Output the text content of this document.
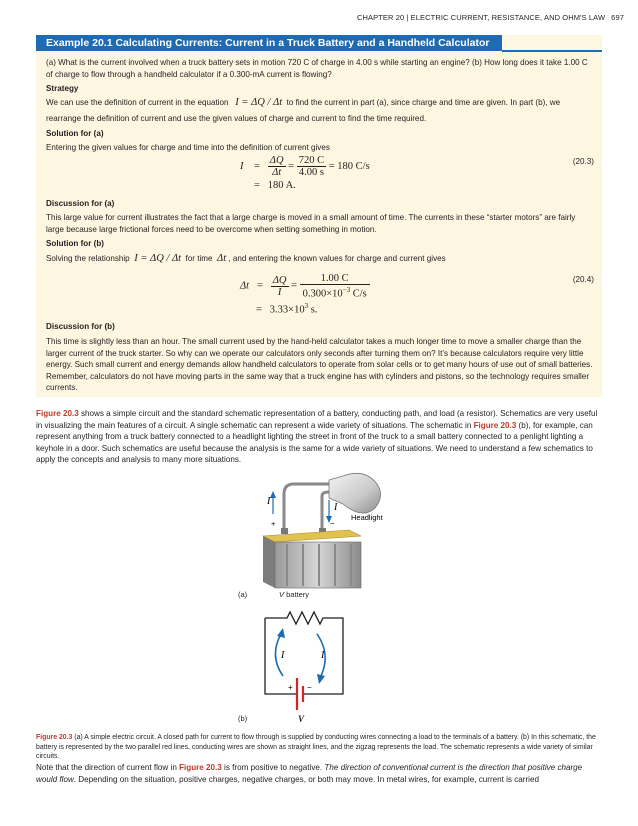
CHAPTER 20 | ELECTRIC CURRENT, RESISTANCE, AND OHM'S LAW 697
Example 20.1 Calculating Currents: Current in a Truck Battery and a Handheld Calculator
(a) What is the current involved when a truck battery sets in motion 720 C of charge in 4.00 s while starting an engine? (b) How long does it take 1.00 C of charge to flow through a handheld calculator if a 0.300-mA current is flowing?
Strategy
We can use the definition of current in the equation I = ΔQ / Δt to find the current in part (a), since charge and time are given. In part (b), we
rearrange the definition of current and use the given values of charge and current to find the time required.
Solution for (a)
Entering the given values for charge and time into the definition of current gives
$I = \frac{\Delta Q}{\Delta t} = \frac{720 C}{4.00 s} = 180$ C/s
= 180 A.
(20.3)
Discussion for (a)
This large value for current illustrates the fact that a large charge is moved in a small amount of time. The currents in these “starter motors” are fairly large because large frictional forces need to be overcome when setting something in motion.
Solution for (b)
Solving the relationship I = ΔQ / Δt for time Δt , and entering the known values for charge and current gives
$\Delta t = \frac{\Delta Q}{I} = \frac{1.00 C}{0.300\times 10^{-3} C/s}$
= $3.33\times 10^3$ s.
(20.4)
Discussion for (b)
This time is slightly less than an hour. The small current used by the hand-held calculator takes a much longer time to move a smaller charge than the larger current of the truck starter. So why can we operate our calculators only seconds after turning them on? It’s because calculators require very little energy. Such small current and energy demands allow handheld calculators to operate from solar cells or to get many hours of use out of small batteries. Remember, calculators do not have moving parts in the same way that a truck engine has with cylinders and pistons, so the technology requires smaller currents.
Figure 20.3 shows a simple circuit and the standard schematic representation of a battery, conducting path, and load (a resistor). Schematics are very useful in visualizing the main features of a circuit. A single schematic can represent a wide variety of situations. The schematic in Figure 20.3 (b), for example, can represent anything from a truck battery connected to a headlight lighting the street in front of the truck to a small battery connected to a penlight lighting a keyhole in a door. Such schematics are useful because the analysis is the same for a wide variety of situations. We need to understand a few schematics to apply the concepts and analysis to many more situations.
I
I
Headlight
+	−
(a)	V battery
I	I
+ −
(b)	V
Figure 20.3 (a) A simple electric circuit. A closed path for current to flow through is supplied by conducting wires connecting a load to the terminals of a battery. (b) In this schematic, the battery is represented by the two parallel red lines, conducting wires are shown as straight lines, and the zigzag represents the load. The schematic represents a wide variety of similar circuits.
Note that the direction of current flow in Figure 20.3 is from positive to negative. The direction of conventional current is the direction that positive charge would flow. Depending on the situation, positive charges, negative charges, or both may move. In metal wires, for example, current is carried
